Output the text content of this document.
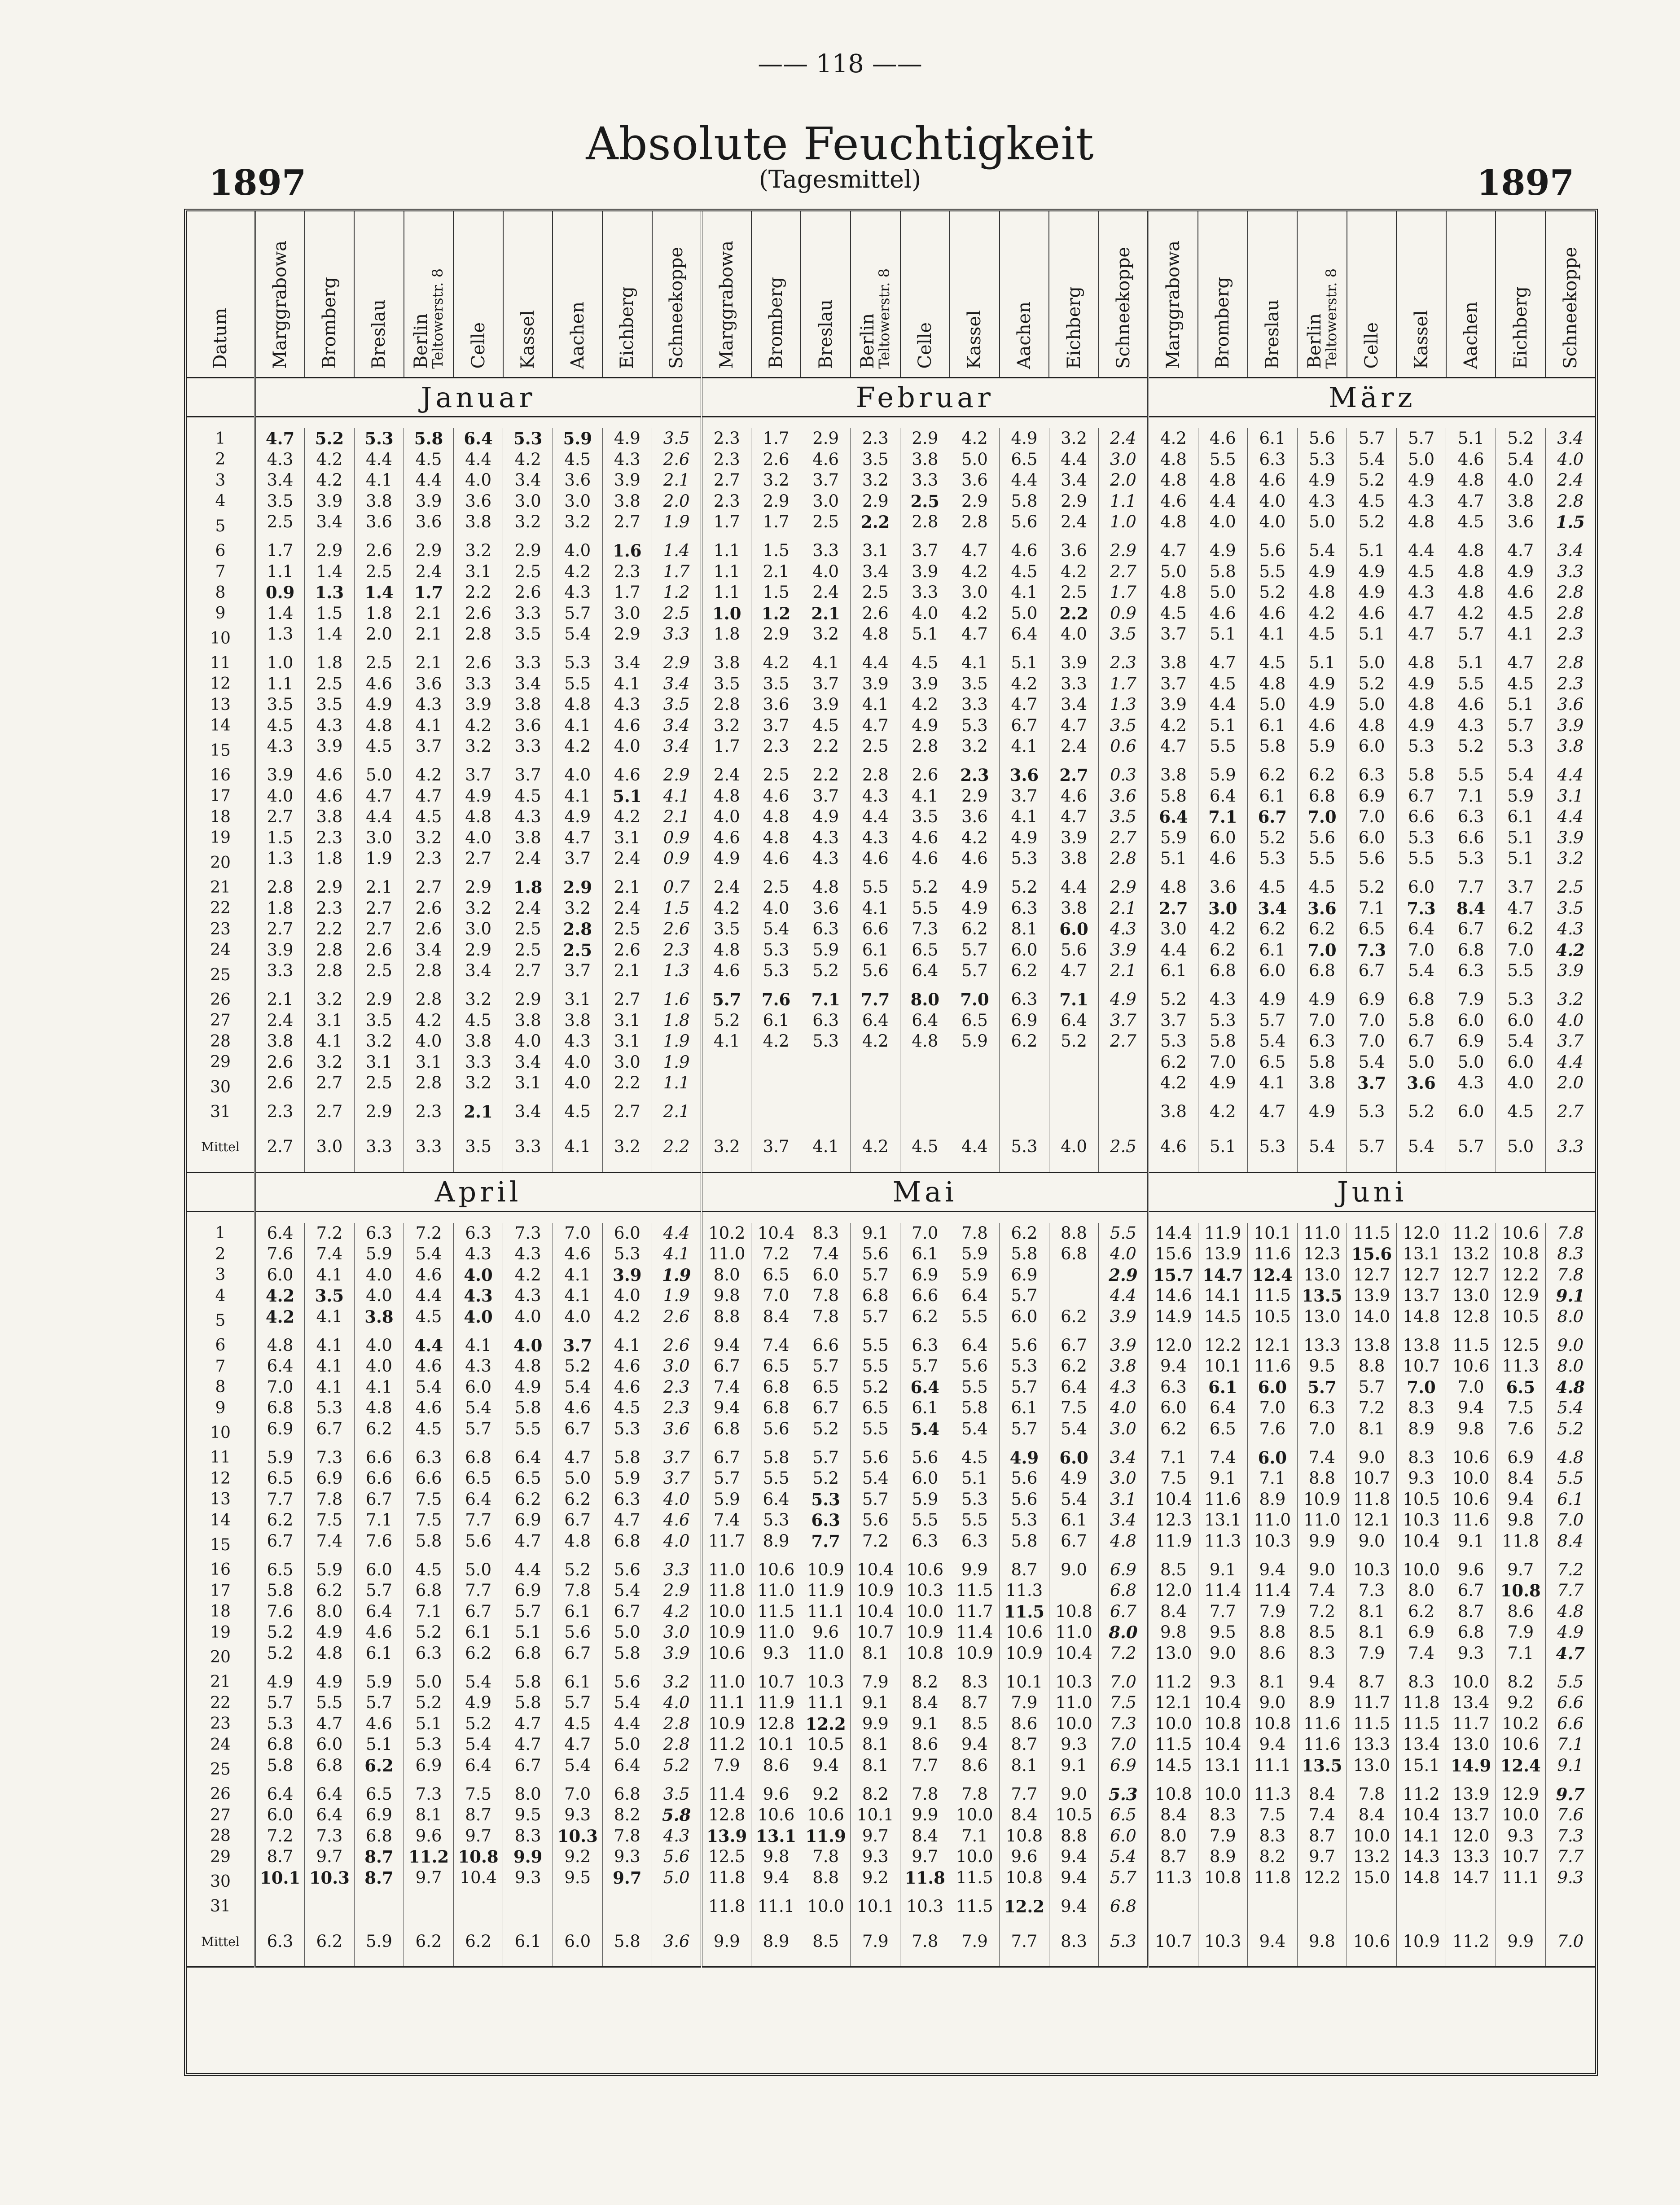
—— 118 ——
Absolute Feuchtigkeit
(Tagesmittel)
1897	1897
Datum	Marggrabowa	Bromberg	Breslau	BerlinTeltowerstr. 8	Celle	Kassel	Aachen	Eichberg	Schneekoppe	Marggrabowa	Bromberg	Breslau	BerlinTeltowerstr. 8	Celle	Kassel	Aachen	Eichberg	Schneekoppe	Marggrabowa	Bromberg	Breslau	BerlinTeltowerstr. 8	Celle	Kassel	Aachen	Eichberg	Schneekoppe
	Januar									Februar									März								

1	4.7	5.2	5.3	5.8	6.4	5.3	5.9	4.9	3.5	2.3	1.7	2.9	2.3	2.9	4.2	4.9	3.2	2.4	4.2	4.6	6.1	5.6	5.7	5.7	5.1	5.2	3.4
2	4.3	4.2	4.4	4.5	4.4	4.2	4.5	4.3	2.6	2.3	2.6	4.6	3.5	3.8	5.0	6.5	4.4	3.0	4.8	5.5	6.3	5.3	5.4	5.0	4.6	5.4	4.0
3	3.4	4.2	4.1	4.4	4.0	3.4	3.6	3.9	2.1	2.7	3.2	3.7	3.2	3.3	3.6	4.4	3.4	2.0	4.8	4.8	4.6	4.9	5.2	4.9	4.8	4.0	2.4
4	3.5	3.9	3.8	3.9	3.6	3.0	3.0	3.8	2.0	2.3	2.9	3.0	2.9	2.5	2.9	5.8	2.9	1.1	4.6	4.4	4.0	4.3	4.5	4.3	4.7	3.8	2.8
5	2.5	3.4	3.6	3.6	3.8	3.2	3.2	2.7	1.9	1.7	1.7	2.5	2.2	2.8	2.8	5.6	2.4	1.0	4.8	4.0	4.0	5.0	5.2	4.8	4.5	3.6	1.5
6	1.7	2.9	2.6	2.9	3.2	2.9	4.0	1.6	1.4	1.1	1.5	3.3	3.1	3.7	4.7	4.6	3.6	2.9	4.7	4.9	5.6	5.4	5.1	4.4	4.8	4.7	3.4
7	1.1	1.4	2.5	2.4	3.1	2.5	4.2	2.3	1.7	1.1	2.1	4.0	3.4	3.9	4.2	4.5	4.2	2.7	5.0	5.8	5.5	4.9	4.9	4.5	4.8	4.9	3.3
8	0.9	1.3	1.4	1.7	2.2	2.6	4.3	1.7	1.2	1.1	1.5	2.4	2.5	3.3	3.0	4.1	2.5	1.7	4.8	5.0	5.2	4.8	4.9	4.3	4.8	4.6	2.8
9	1.4	1.5	1.8	2.1	2.6	3.3	5.7	3.0	2.5	1.0	1.2	2.1	2.6	4.0	4.2	5.0	2.2	0.9	4.5	4.6	4.6	4.2	4.6	4.7	4.2	4.5	2.8
10	1.3	1.4	2.0	2.1	2.8	3.5	5.4	2.9	3.3	1.8	2.9	3.2	4.8	5.1	4.7	6.4	4.0	3.5	3.7	5.1	4.1	4.5	5.1	4.7	5.7	4.1	2.3
11	1.0	1.8	2.5	2.1	2.6	3.3	5.3	3.4	2.9	3.8	4.2	4.1	4.4	4.5	4.1	5.1	3.9	2.3	3.8	4.7	4.5	5.1	5.0	4.8	5.1	4.7	2.8
12	1.1	2.5	4.6	3.6	3.3	3.4	5.5	4.1	3.4	3.5	3.5	3.7	3.9	3.9	3.5	4.2	3.3	1.7	3.7	4.5	4.8	4.9	5.2	4.9	5.5	4.5	2.3
13	3.5	3.5	4.9	4.3	3.9	3.8	4.8	4.3	3.5	2.8	3.6	3.9	4.1	4.2	3.3	4.7	3.4	1.3	3.9	4.4	5.0	4.9	5.0	4.8	4.6	5.1	3.6
14	4.5	4.3	4.8	4.1	4.2	3.6	4.1	4.6	3.4	3.2	3.7	4.5	4.7	4.9	5.3	6.7	4.7	3.5	4.2	5.1	6.1	4.6	4.8	4.9	4.3	5.7	3.9
15	4.3	3.9	4.5	3.7	3.2	3.3	4.2	4.0	3.4	1.7	2.3	2.2	2.5	2.8	3.2	4.1	2.4	0.6	4.7	5.5	5.8	5.9	6.0	5.3	5.2	5.3	3.8
16	3.9	4.6	5.0	4.2	3.7	3.7	4.0	4.6	2.9	2.4	2.5	2.2	2.8	2.6	2.3	3.6	2.7	0.3	3.8	5.9	6.2	6.2	6.3	5.8	5.5	5.4	4.4
17	4.0	4.6	4.7	4.7	4.9	4.5	4.1	5.1	4.1	4.8	4.6	3.7	4.3	4.1	2.9	3.7	4.6	3.6	5.8	6.4	6.1	6.8	6.9	6.7	7.1	5.9	3.1
18	2.7	3.8	4.4	4.5	4.8	4.3	4.9	4.2	2.1	4.0	4.8	4.9	4.4	3.5	3.6	4.1	4.7	3.5	6.4	7.1	6.7	7.0	7.0	6.6	6.3	6.1	4.4
19	1.5	2.3	3.0	3.2	4.0	3.8	4.7	3.1	0.9	4.6	4.8	4.3	4.3	4.6	4.2	4.9	3.9	2.7	5.9	6.0	5.2	5.6	6.0	5.3	6.6	5.1	3.9
20	1.3	1.8	1.9	2.3	2.7	2.4	3.7	2.4	0.9	4.9	4.6	4.3	4.6	4.6	4.6	5.3	3.8	2.8	5.1	4.6	5.3	5.5	5.6	5.5	5.3	5.1	3.2
21	2.8	2.9	2.1	2.7	2.9	1.8	2.9	2.1	0.7	2.4	2.5	4.8	5.5	5.2	4.9	5.2	4.4	2.9	4.8	3.6	4.5	4.5	5.2	6.0	7.7	3.7	2.5
22	1.8	2.3	2.7	2.6	3.2	2.4	3.2	2.4	1.5	4.2	4.0	3.6	4.1	5.5	4.9	6.3	3.8	2.1	2.7	3.0	3.4	3.6	7.1	7.3	8.4	4.7	3.5
23	2.7	2.2	2.7	2.6	3.0	2.5	2.8	2.5	2.6	3.5	5.4	6.3	6.6	7.3	6.2	8.1	6.0	4.3	3.0	4.2	6.2	6.2	6.5	6.4	6.7	6.2	4.3
24	3.9	2.8	2.6	3.4	2.9	2.5	2.5	2.6	2.3	4.8	5.3	5.9	6.1	6.5	5.7	6.0	5.6	3.9	4.4	6.2	6.1	7.0	7.3	7.0	6.8	7.0	4.2
25	3.3	2.8	2.5	2.8	3.4	2.7	3.7	2.1	1.3	4.6	5.3	5.2	5.6	6.4	5.7	6.2	4.7	2.1	6.1	6.8	6.0	6.8	6.7	5.4	6.3	5.5	3.9
26	2.1	3.2	2.9	2.8	3.2	2.9	3.1	2.7	1.6	5.7	7.6	7.1	7.7	8.0	7.0	6.3	7.1	4.9	5.2	4.3	4.9	4.9	6.9	6.8	7.9	5.3	3.2
27	2.4	3.1	3.5	4.2	4.5	3.8	3.8	3.1	1.8	5.2	6.1	6.3	6.4	6.4	6.5	6.9	6.4	3.7	3.7	5.3	5.7	7.0	7.0	5.8	6.0	6.0	4.0
28	3.8	4.1	3.2	4.0	3.8	4.0	4.3	3.1	1.9	4.1	4.2	5.3	4.2	4.8	5.9	6.2	5.2	2.7	5.3	5.8	5.4	6.3	7.0	6.7	6.9	5.4	3.7
29	2.6	3.2	3.1	3.1	3.3	3.4	4.0	3.0	1.9										6.2	7.0	6.5	5.8	5.4	5.0	5.0	6.0	4.4
30	2.6	2.7	2.5	2.8	3.2	3.1	4.0	2.2	1.1										4.2	4.9	4.1	3.8	3.7	3.6	4.3	4.0	2.0
31	2.3	2.7	2.9	2.3	2.1	3.4	4.5	2.7	2.1										3.8	4.2	4.7	4.9	5.3	5.2	6.0	4.5	2.7
Mittel	2.7	3.0	3.3	3.3	3.5	3.3	4.1	3.2	2.2	3.2	3.7	4.1	4.2	4.5	4.4	5.3	4.0	2.5	4.6	5.1	5.3	5.4	5.7	5.4	5.7	5.0	3.3
	April									Mai									Juni								

1	6.4	7.2	6.3	7.2	6.3	7.3	7.0	6.0	4.4	10.2	10.4	8.3	9.1	7.0	7.8	6.2	8.8	5.5	14.4	11.9	10.1	11.0	11.5	12.0	11.2	10.6	7.8
2	7.6	7.4	5.9	5.4	4.3	4.3	4.6	5.3	4.1	11.0	7.2	7.4	5.6	6.1	5.9	5.8	6.8	4.0	15.6	13.9	11.6	12.3	15.6	13.1	13.2	10.8	8.3
3	6.0	4.1	4.0	4.6	4.0	4.2	4.1	3.9	1.9	8.0	6.5	6.0	5.7	6.9	5.9	6.9		2.9	15.7	14.7	12.4	13.0	12.7	12.7	12.7	12.2	7.8
4	4.2	3.5	4.0	4.4	4.3	4.3	4.1	4.0	1.9	9.8	7.0	7.8	6.8	6.6	6.4	5.7		4.4	14.6	14.1	11.5	13.5	13.9	13.7	13.0	12.9	9.1
5	4.2	4.1	3.8	4.5	4.0	4.0	4.0	4.2	2.6	8.8	8.4	7.8	5.7	6.2	5.5	6.0	6.2	3.9	14.9	14.5	10.5	13.0	14.0	14.8	12.8	10.5	8.0
6	4.8	4.1	4.0	4.4	4.1	4.0	3.7	4.1	2.6	9.4	7.4	6.6	5.5	6.3	6.4	5.6	6.7	3.9	12.0	12.2	12.1	13.3	13.8	13.8	11.5	12.5	9.0
7	6.4	4.1	4.0	4.6	4.3	4.8	5.2	4.6	3.0	6.7	6.5	5.7	5.5	5.7	5.6	5.3	6.2	3.8	9.4	10.1	11.6	9.5	8.8	10.7	10.6	11.3	8.0
8	7.0	4.1	4.1	5.4	6.0	4.9	5.4	4.6	2.3	7.4	6.8	6.5	5.2	6.4	5.5	5.7	6.4	4.3	6.3	6.1	6.0	5.7	5.7	7.0	7.0	6.5	4.8
9	6.8	5.3	4.8	4.6	5.4	5.8	4.6	4.5	2.3	9.4	6.8	6.7	6.5	6.1	5.8	6.1	7.5	4.0	6.0	6.4	7.0	6.3	7.2	8.3	9.4	7.5	5.4
10	6.9	6.7	6.2	4.5	5.7	5.5	6.7	5.3	3.6	6.8	5.6	5.2	5.5	5.4	5.4	5.7	5.4	3.0	6.2	6.5	7.6	7.0	8.1	8.9	9.8	7.6	5.2
11	5.9	7.3	6.6	6.3	6.8	6.4	4.7	5.8	3.7	6.7	5.8	5.7	5.6	5.6	4.5	4.9	6.0	3.4	7.1	7.4	6.0	7.4	9.0	8.3	10.6	6.9	4.8
12	6.5	6.9	6.6	6.6	6.5	6.5	5.0	5.9	3.7	5.7	5.5	5.2	5.4	6.0	5.1	5.6	4.9	3.0	7.5	9.1	7.1	8.8	10.7	9.3	10.0	8.4	5.5
13	7.7	7.8	6.7	7.5	6.4	6.2	6.2	6.3	4.0	5.9	6.4	5.3	5.7	5.9	5.3	5.6	5.4	3.1	10.4	11.6	8.9	10.9	11.8	10.5	10.6	9.4	6.1
14	6.2	7.5	7.1	7.5	7.7	6.9	6.7	4.7	4.6	7.4	5.3	6.3	5.6	5.5	5.5	5.3	6.1	3.4	12.3	13.1	11.0	11.0	12.1	10.3	11.6	9.8	7.0
15	6.7	7.4	7.6	5.8	5.6	4.7	4.8	6.8	4.0	11.7	8.9	7.7	7.2	6.3	6.3	5.8	6.7	4.8	11.9	11.3	10.3	9.9	9.0	10.4	9.1	11.8	8.4
16	6.5	5.9	6.0	4.5	5.0	4.4	5.2	5.6	3.3	11.0	10.6	10.9	10.4	10.6	9.9	8.7	9.0	6.9	8.5	9.1	9.4	9.0	10.3	10.0	9.6	9.7	7.2
17	5.8	6.2	5.7	6.8	7.7	6.9	7.8	5.4	2.9	11.8	11.0	11.9	10.9	10.3	11.5	11.3		6.8	12.0	11.4	11.4	7.4	7.3	8.0	6.7	10.8	7.7
18	7.6	8.0	6.4	7.1	6.7	5.7	6.1	6.7	4.2	10.0	11.5	11.1	10.4	10.0	11.7	11.5	10.8	6.7	8.4	7.7	7.9	7.2	8.1	6.2	8.7	8.6	4.8
19	5.2	4.9	4.6	5.2	6.1	5.1	5.6	5.0	3.0	10.9	11.0	9.6	10.7	10.9	11.4	10.6	11.0	8.0	9.8	9.5	8.8	8.5	8.1	6.9	6.8	7.9	4.9
20	5.2	4.8	6.1	6.3	6.2	6.8	6.7	5.8	3.9	10.6	9.3	11.0	8.1	10.8	10.9	10.9	10.4	7.2	13.0	9.0	8.6	8.3	7.9	7.4	9.3	7.1	4.7
21	4.9	4.9	5.9	5.0	5.4	5.8	6.1	5.6	3.2	11.0	10.7	10.3	7.9	8.2	8.3	10.1	10.3	7.0	11.2	9.3	8.1	9.4	8.7	8.3	10.0	8.2	5.5
22	5.7	5.5	5.7	5.2	4.9	5.8	5.7	5.4	4.0	11.1	11.9	11.1	9.1	8.4	8.7	7.9	11.0	7.5	12.1	10.4	9.0	8.9	11.7	11.8	13.4	9.2	6.6
23	5.3	4.7	4.6	5.1	5.2	4.7	4.5	4.4	2.8	10.9	12.8	12.2	9.9	9.1	8.5	8.6	10.0	7.3	10.0	10.8	10.8	11.6	11.5	11.5	11.7	10.2	6.6
24	6.8	6.0	5.1	5.3	5.4	4.7	4.7	5.0	2.8	11.2	10.1	10.5	8.1	8.6	9.4	8.7	9.3	7.0	11.5	10.4	9.4	11.6	13.3	13.4	13.0	10.6	7.1
25	5.8	6.8	6.2	6.9	6.4	6.7	5.4	6.4	5.2	7.9	8.6	9.4	8.1	7.7	8.6	8.1	9.1	6.9	14.5	13.1	11.1	13.5	13.0	15.1	14.9	12.4	9.1
26	6.4	6.4	6.5	7.3	7.5	8.0	7.0	6.8	3.5	11.4	9.6	9.2	8.2	7.8	7.8	7.7	9.0	5.3	10.8	10.0	11.3	8.4	7.8	11.2	13.9	12.9	9.7
27	6.0	6.4	6.9	8.1	8.7	9.5	9.3	8.2	5.8	12.8	10.6	10.6	10.1	9.9	10.0	8.4	10.5	6.5	8.4	8.3	7.5	7.4	8.4	10.4	13.7	10.0	7.6
28	7.2	7.3	6.8	9.6	9.7	8.3	10.3	7.8	4.3	13.9	13.1	11.9	9.7	8.4	7.1	10.8	8.8	6.0	8.0	7.9	8.3	8.7	10.0	14.1	12.0	9.3	7.3
29	8.7	9.7	8.7	11.2	10.8	9.9	9.2	9.3	5.6	12.5	9.8	7.8	9.3	9.7	10.0	9.6	9.4	5.4	8.7	8.9	8.2	9.7	13.2	14.3	13.3	10.7	7.7
30	10.1	10.3	8.7	9.7	10.4	9.3	9.5	9.7	5.0	11.8	9.4	8.8	9.2	11.8	11.5	10.8	9.4	5.7	11.3	10.8	11.8	12.2	15.0	14.8	14.7	11.1	9.3
31										11.8	11.1	10.0	10.1	10.3	11.5	12.2	9.4	6.8									
Mittel	6.3	6.2	5.9	6.2	6.2	6.1	6.0	5.8	3.6	9.9	8.9	8.5	7.9	7.8	7.9	7.7	8.3	5.3	10.7	10.3	9.4	9.8	10.6	10.9	11.2	9.9	7.0
